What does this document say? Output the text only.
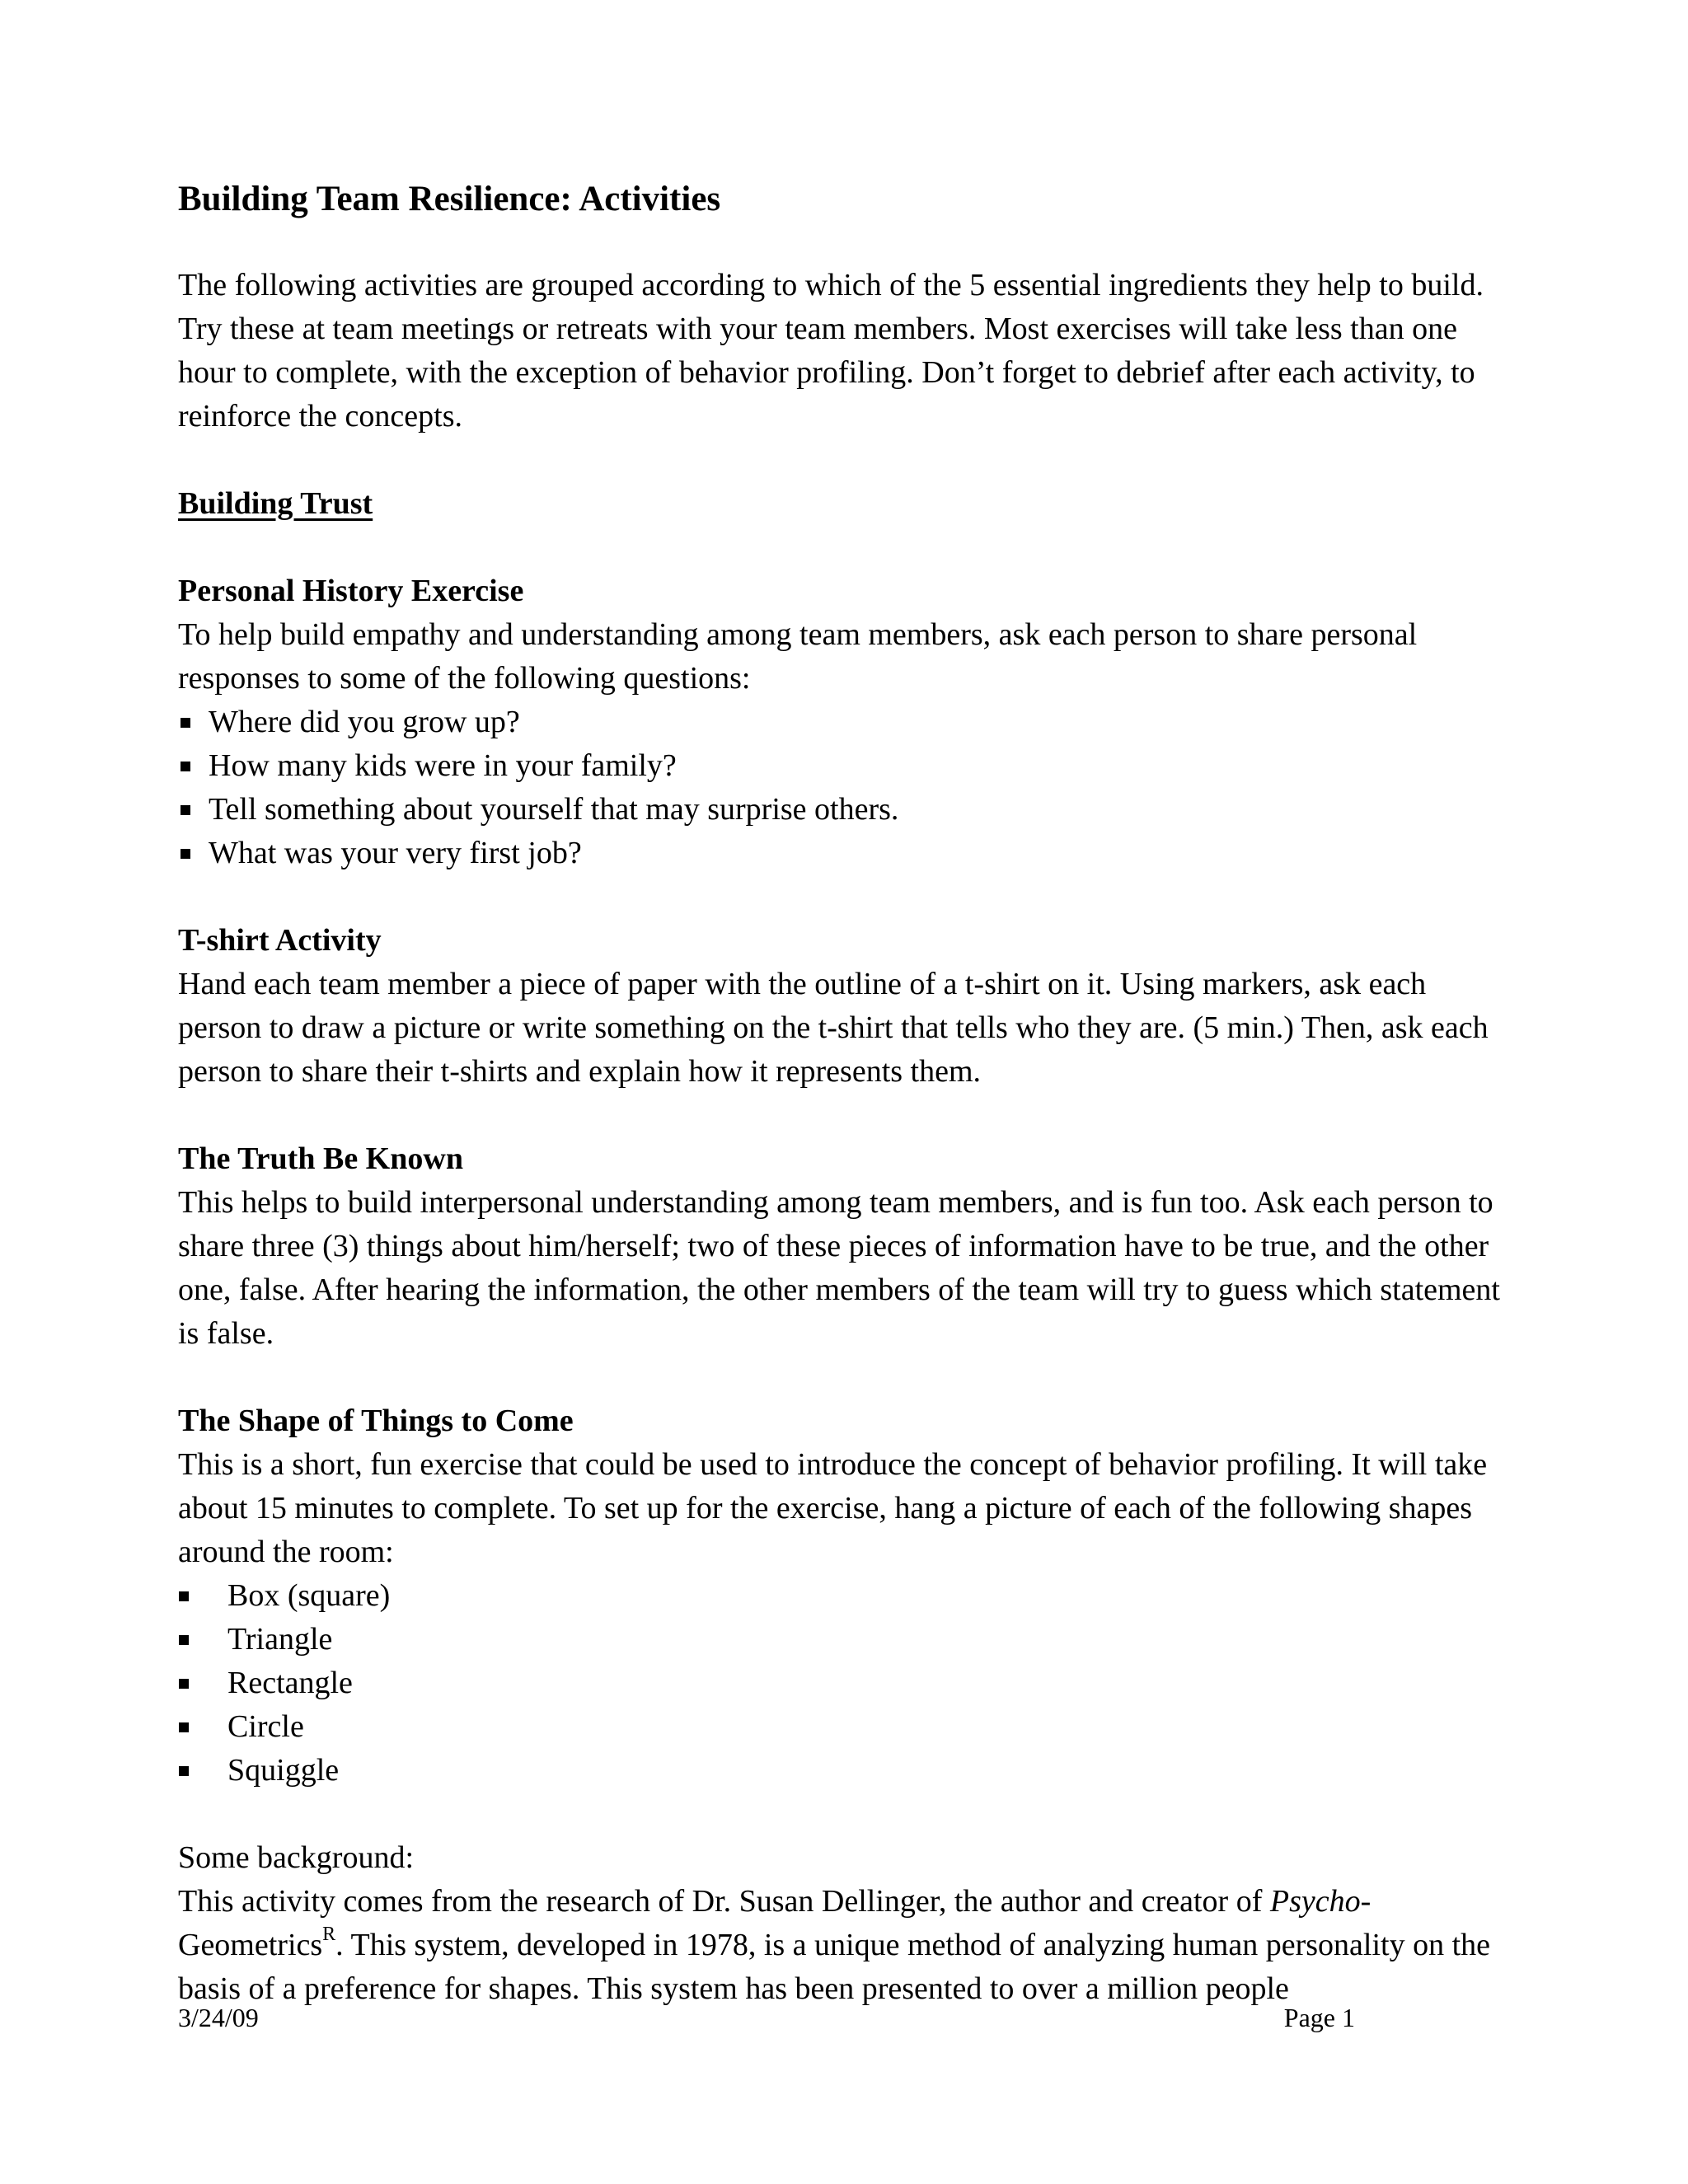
Building Team Resilience: Activities

The following activities are grouped according to which of the 5 essential ingredients they help to build. Try these at team meetings or retreats with your team members. Most exercises will take less than one hour to complete, with the exception of behavior profiling. Don’t forget to debrief after each activity, to reinforce the concepts.

Building Trust

Personal History Exercise

To help build empathy and understanding among team members, ask each person to share personal responses to some of the following questions:

Where did you grow up?
How many kids were in your family?
Tell something about yourself that may surprise others.
What was your very first job?

T-shirt Activity

Hand each team member a piece of paper with the outline of a t-shirt on it. Using markers, ask each person to draw a picture or write something on the t-shirt that tells who they are. (5 min.) Then, ask each person to share their t-shirts and explain how it represents them.

The Truth Be Known

This helps to build interpersonal understanding among team members, and is fun too. Ask each person to share three (3) things about him/herself; two of these pieces of information have to be true, and the other one, false. After hearing the information, the other members of the team will try to guess which statement is false.

The Shape of Things to Come

This is a short, fun exercise that could be used to introduce the concept of behavior profiling. It will take about 15 minutes to complete. To set up for the exercise, hang a picture of each of the following shapes around the room:

Box (square)
Triangle
Rectangle
Circle
Squiggle

Some background:

This activity comes from the research of Dr. Susan Dellinger, the author and creator of Psycho-Geometrics$^R$. This system, developed in 1978, is a unique method of analyzing human personality on the basis of a preference for shapes. This system has been presented to over a million people

3/24/09	Page 1
